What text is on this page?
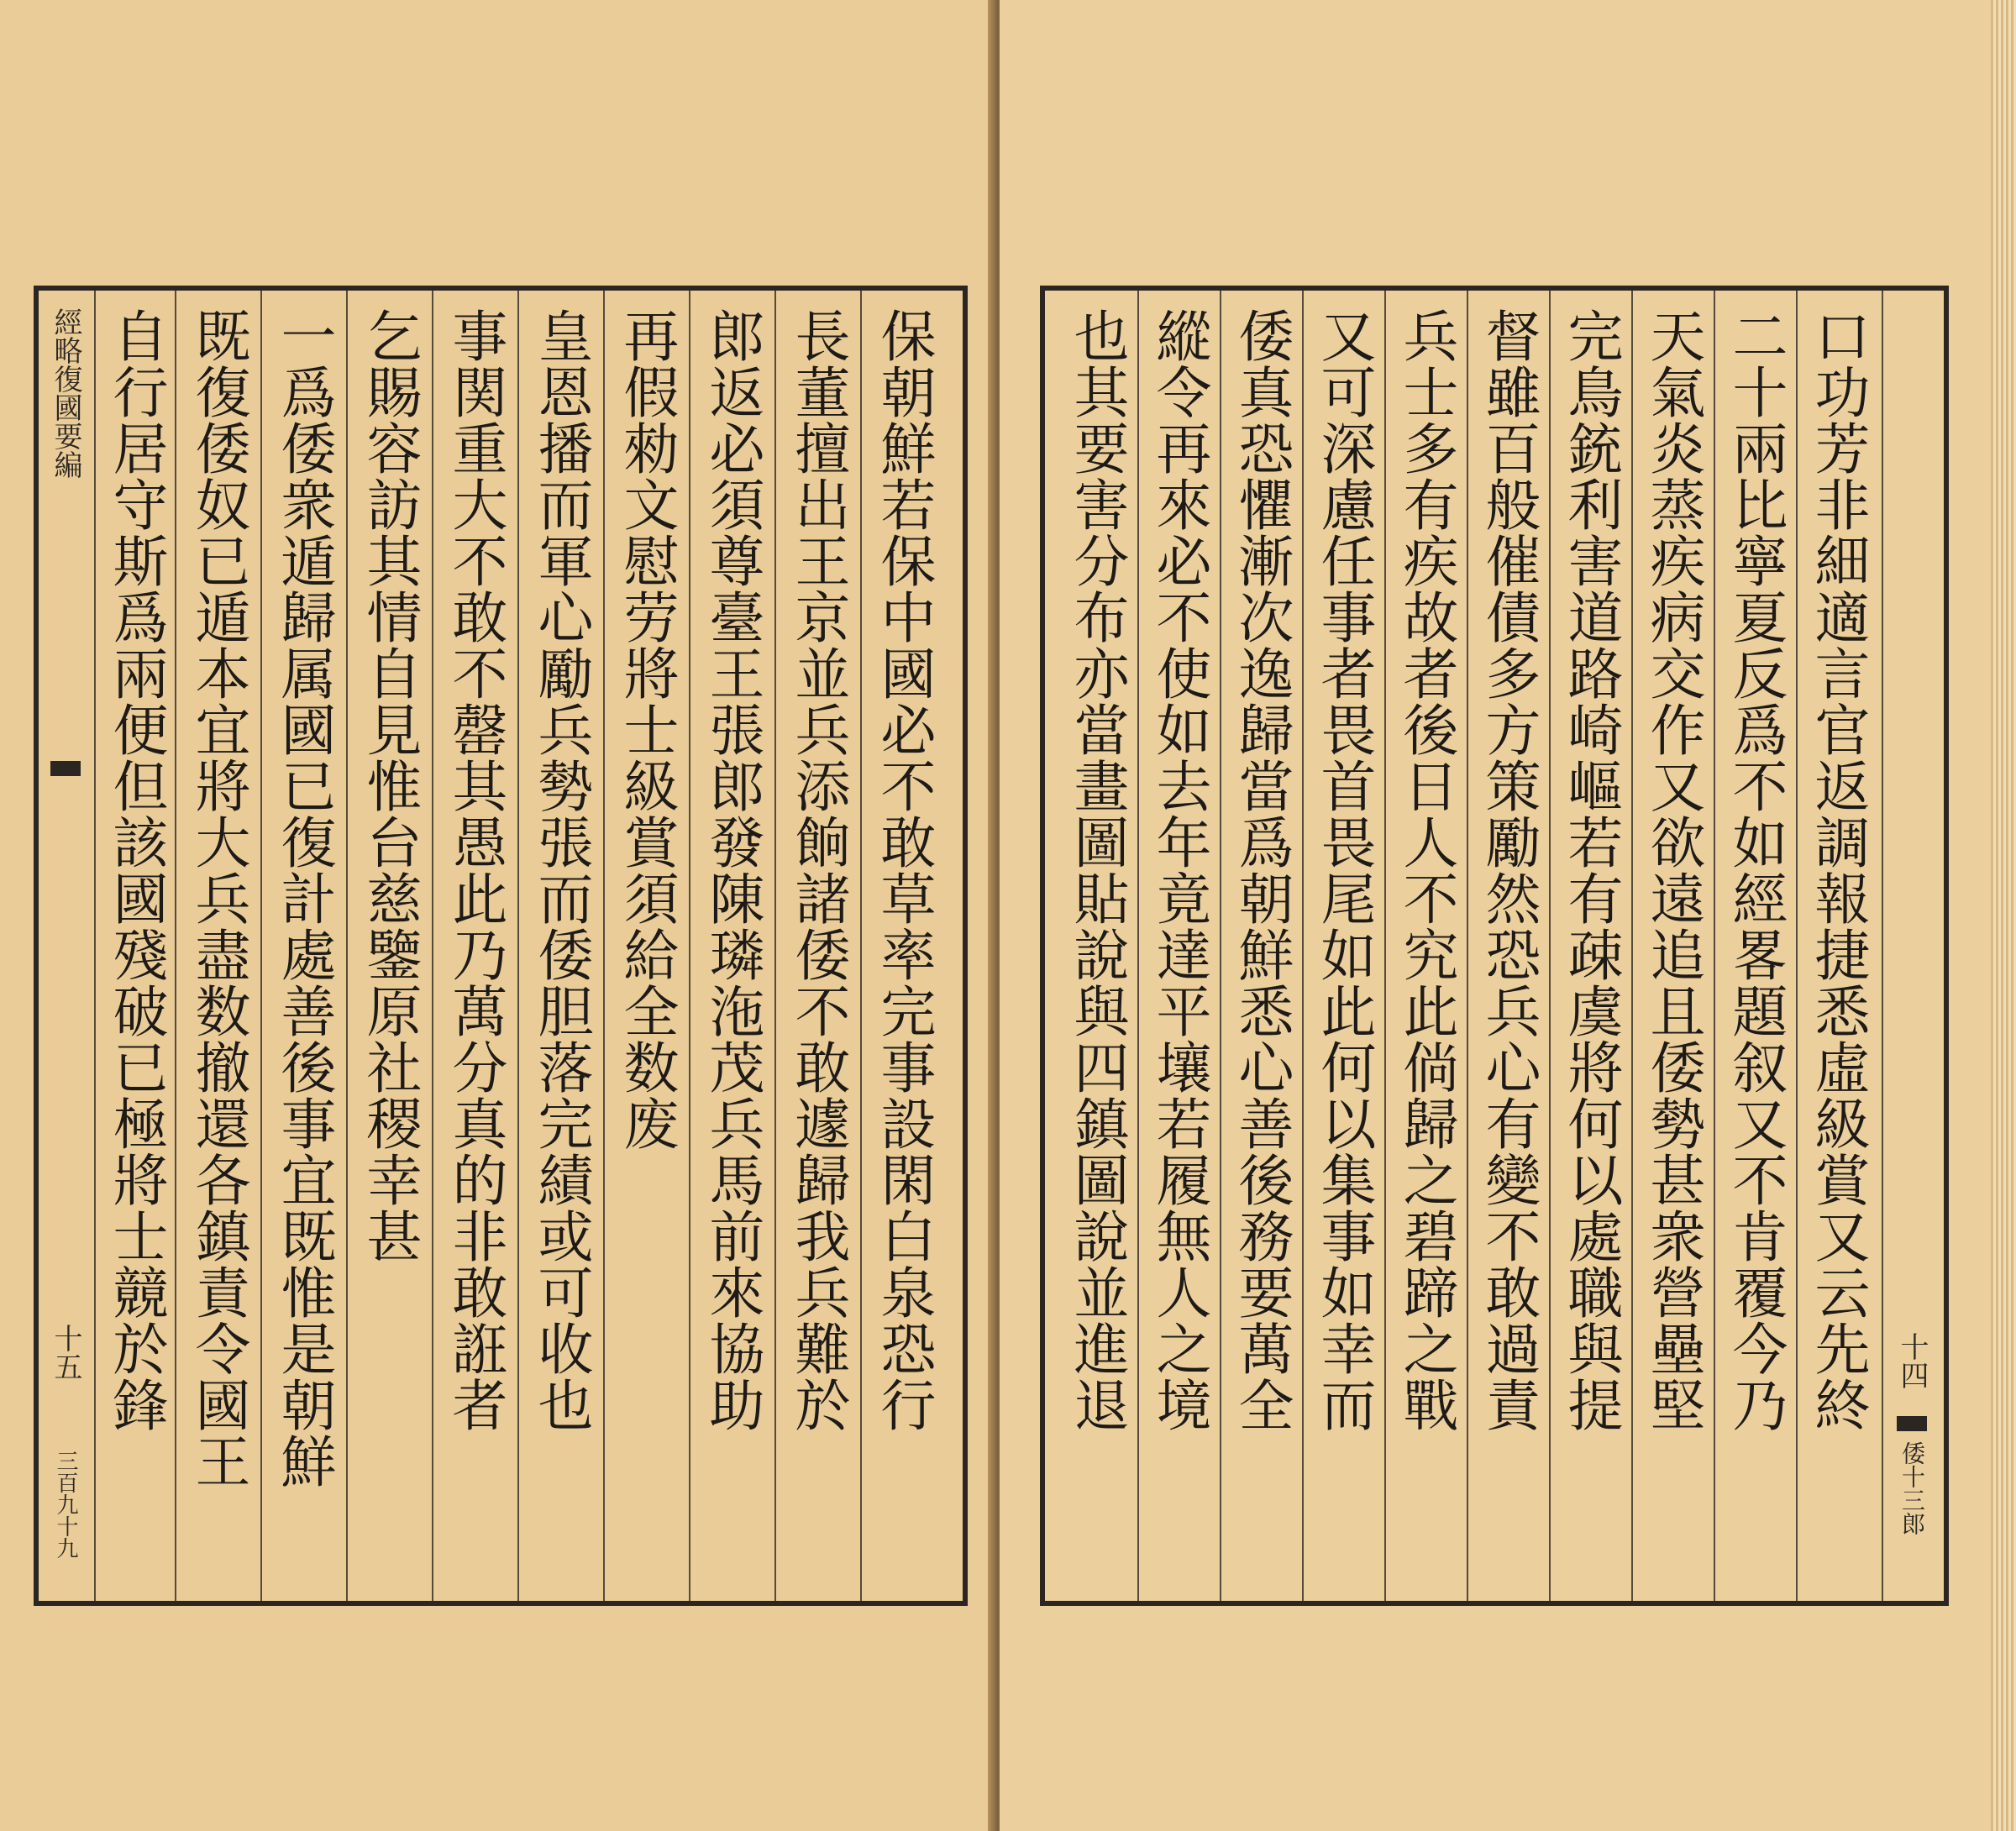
經略復國要編
十五
三百九十九
保朝鮮若保中國必不敢草率完事設閑白泉恐行
長董擅出王京並兵添餉諸倭不敢遽歸我兵難於
郎返必須尊臺王張郎發陳璘沲茂兵馬前來協助
再假勑文慰劳將士級賞須給全数废
皇恩播而軍心勵兵勢張而倭胆落完績或可收也
事関重大不敢不罄其愚此乃萬分真的非敢誑者
乞賜容訪其情自見惟台慈鑒原社稷幸甚
一爲倭衆遁歸属國已復計處善後事宜既惟是朝鮮
既復倭奴已遁本宜將大兵盡数撤還各鎮責令國王
自行居守斯爲兩便但該國殘破已極將士竸於鋒	十四
倭十三郎
口功芳非細適言官返調報捷悉虛級賞又云先終
二十兩比寧夏反爲不如經畧題叙又不肯覆今乃
天氣炎蒸疾病交作又欲遠追且倭勢甚衆營壘堅
完鳥銃利害道路崎嶇若有疎虞將何以處職與提
督雖百般催債多方策勵然恐兵心有變不敢過責
兵士多有疾故者後日人不究此倘歸之碧蹄之戰
又可深慮任事者畏首畏尾如此何以集事如幸而
倭真恐懼漸次逸歸當爲朝鮮悉心善後務要萬全
縱令再來必不使如去年竟達平壤若履無人之境
也其要害分布亦當畫圖貼說與四鎮圖說並進退
